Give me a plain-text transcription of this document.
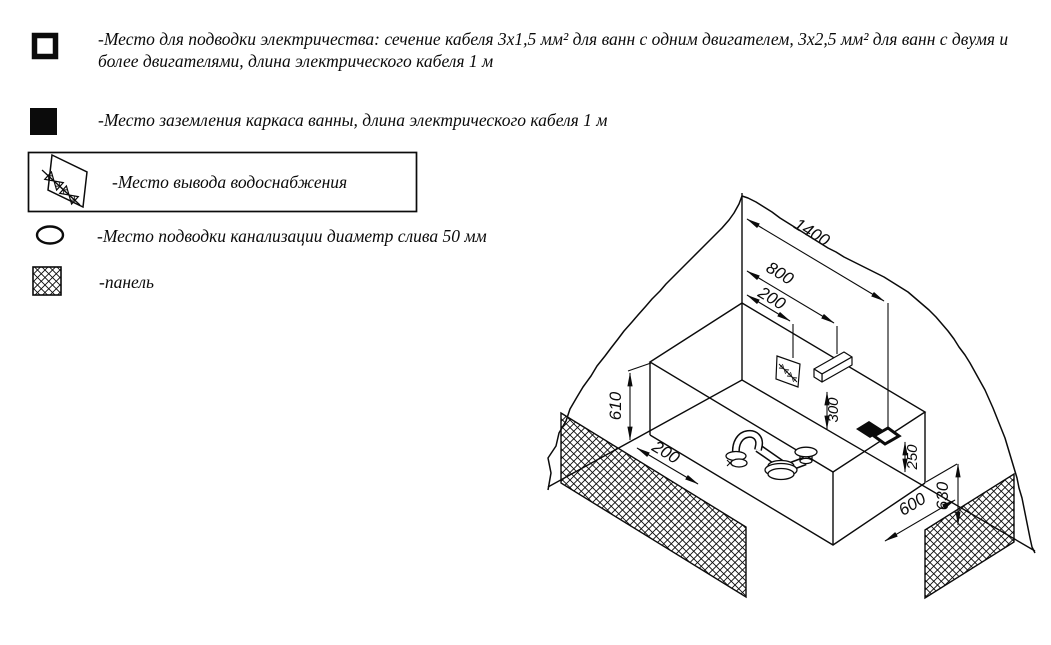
-Место для подводки электричества: сечение кабеля 3х1,5 мм² для ванн с одним двигателем, 3х2,5 мм² для ванн с двумя и более двигателями, длина электрического кабеля 1 м
-Место заземления каркаса ванны, длина электрического кабеля 1 м
-Место вывода водоснабжения
-Место подводки канализации диаметр слива 50 мм
-панель
1400
800
200
610
200
300
250
630
600
